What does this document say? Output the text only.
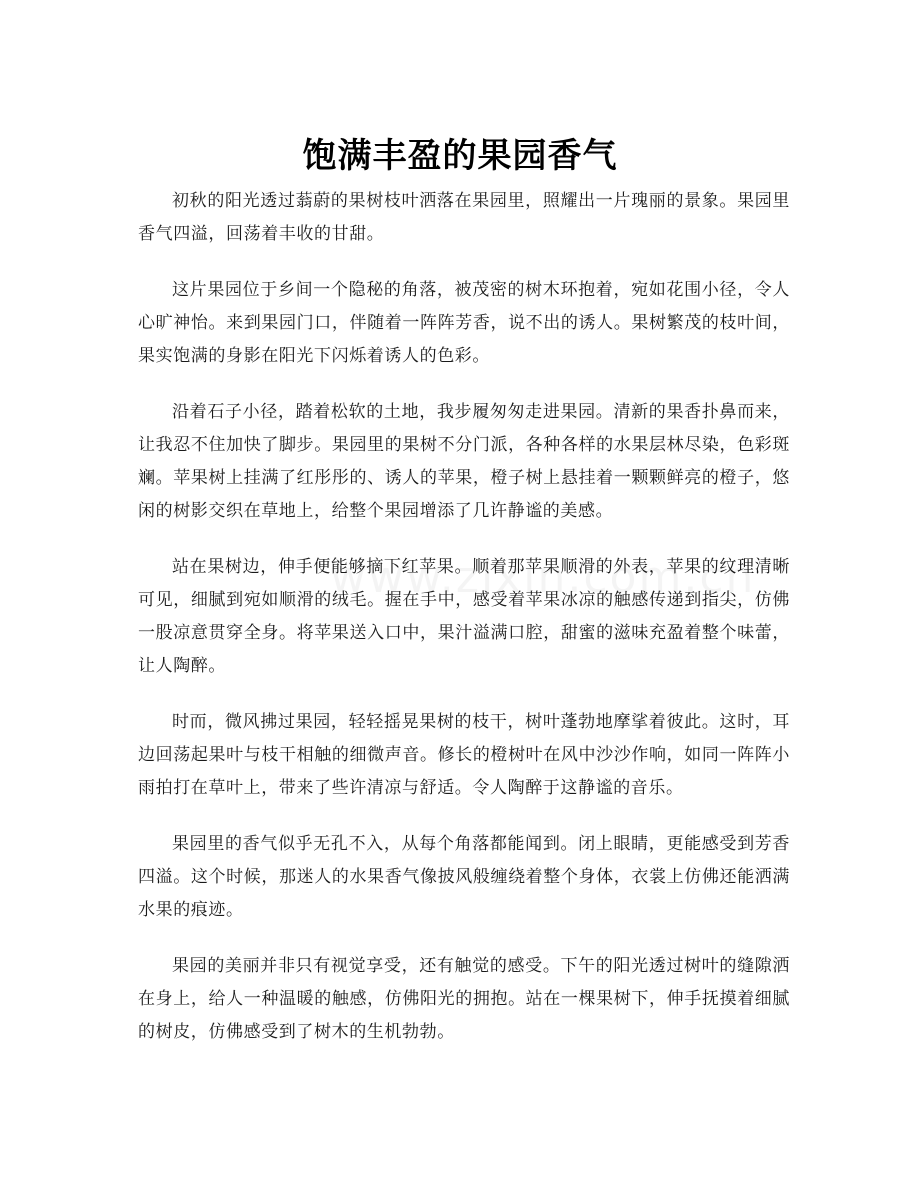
饱满丰盈的果园香气

初秋的阳光透过蓊蔚的果树枝叶洒落在果园里，照耀出一片瑰丽的景象。果园里香气四溢，回荡着丰收的甘甜。

这片果园位于乡间一个隐秘的角落，被茂密的树木环抱着，宛如花围小径，令人心旷神怡。来到果园门口，伴随着一阵阵芳香，说不出的诱人。果树繁茂的枝叶间，果实饱满的身影在阳光下闪烁着诱人的色彩。

沿着石子小径，踏着松软的土地，我步履匆匆走进果园。清新的果香扑鼻而来，让我忍不住加快了脚步。果园里的果树不分门派，各种各样的水果层林尽染，色彩斑斓。苹果树上挂满了红彤彤的、诱人的苹果，橙子树上悬挂着一颗颗鲜亮的橙子，悠闲的树影交织在草地上，给整个果园增添了几许静谧的美感。

站在果树边，伸手便能够摘下红苹果。顺着那苹果顺滑的外表，苹果的纹理清晰可见，细腻到宛如顺滑的绒毛。握在手中，感受着苹果冰凉的触感传递到指尖，仿佛一股凉意贯穿全身。将苹果送入口中，果汁溢满口腔，甜蜜的滋味充盈着整个味蕾，让人陶醉。

时而，微风拂过果园，轻轻摇晃果树的枝干，树叶蓬勃地摩挲着彼此。这时，耳边回荡起果叶与枝干相触的细微声音。修长的橙树叶在风中沙沙作响，如同一阵阵小雨拍打在草叶上，带来了些许清凉与舒适。令人陶醉于这静谧的音乐。

果园里的香气似乎无孔不入，从每个角落都能闻到。闭上眼睛，更能感受到芳香四溢。这个时候，那迷人的水果香气像披风般缠绕着整个身体，衣裳上仿佛还能洒满水果的痕迹。

果园的美丽并非只有视觉享受，还有触觉的感受。下午的阳光透过树叶的缝隙洒在身上，给人一种温暖的触感，仿佛阳光的拥抱。站在一棵果树下，伸手抚摸着细腻的树皮，仿佛感受到了树木的生机勃勃。
